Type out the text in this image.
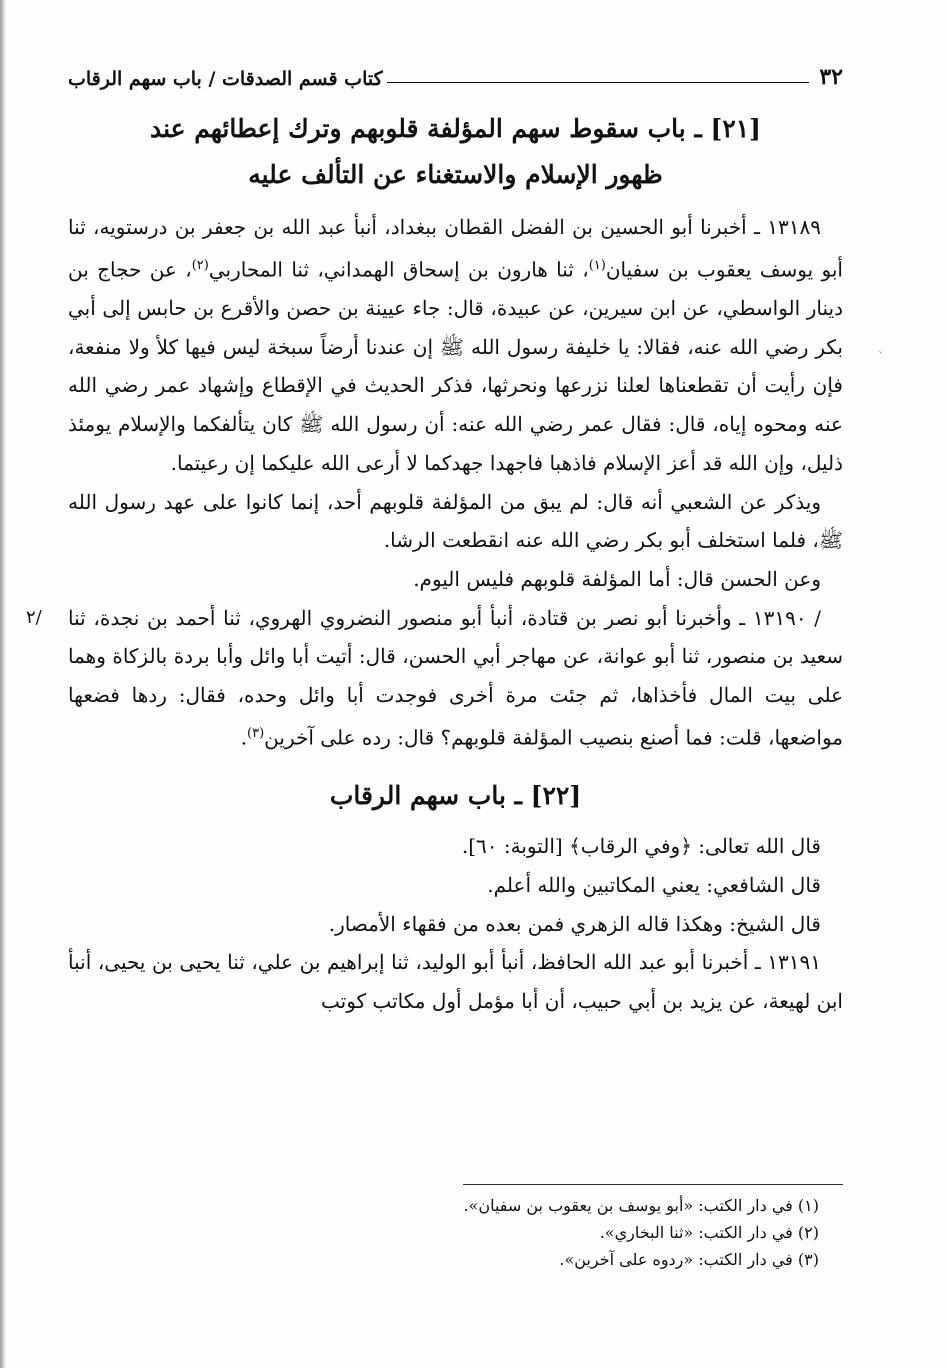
ˋ
٣٢
كتاب قسم الصدقات / باب سهم الرقاب
[٢١] ـ باب سقوط سهم المؤلفة قلوبهم وترك إعطائهم عند
ظهور الإسلام والاستغناء عن التألف عليه

١٣١٨٩ ـ أخبرنا أبو الحسين بن الفضل القطان ببغداد، أنبأ عبد الله بن جعفر بن درستويه، ثنا أبو يوسف يعقوب بن سفيان$^{(١)}$، ثنا هارون بن إسحاق الهمداني، ثنا المحاربي$^{(٢)}$، عن حجاج بن دينار الواسطي، عن ابن سيرين، عن عبيدة، قال: جاء عيينة بن حصن والأقرع بن حابس إلى أبي بكر رضي الله عنه، فقالا: يا خليفة رسول الله ﷺ إن عندنا أرضاً سبخة ليس فيها كلأ ولا منفعة، فإن رأيت أن تقطعناها لعلنا نزرعها ونحرثها، فذكر الحديث في الإقطاع وإشهاد عمر رضي الله عنه ومحوه إياه، قال: فقال عمر رضي الله عنه: أن رسول الله ﷺ كان يتألفكما والإسلام يومئذ ذليل، وإن الله قد أعز الإسلام فاذهبا فاجهدا جهدكما لا أرعى الله عليكما إن رعيتما.

ويذكر عن الشعبي أنه قال: لم يبق من المؤلفة قلوبهم أحد، إنما كانوا على عهد رسول الله ﷺ، فلما استخلف أبو بكر رضي الله عنه انقطعت الرشا.

وعن الحسن قال: أما المؤلفة قلوبهم فليس اليوم.

٢/ / ١٣١٩٠ ـ وأخبرنا أبو نصر بن قتادة، أنبأ أبو منصور النضروي الهروي، ثنا أحمد بن نجدة، ثنا سعيد بن منصور، ثنا أبو عوانة، عن مهاجر أبي الحسن، قال: أتيت أبا وائل وأبا بردة بالزكاة وهما على بيت المال فأخذاها، ثم جئت مرة أخرى فوجدت أبا وائل وحده، فقال: ردها فضعها مواضعها، قلت: فما أصنع بنصيب المؤلفة قلوبهم؟ قال: رده على آخرين$^{(٣)}$.

[٢٢] ـ باب سهم الرقاب

قال الله تعالى: ﴿وفي الرقاب﴾ [التوبة: ٦٠].

قال الشافعي: يعني المكاتبين والله أعلم.

قال الشيخ: وهكذا قاله الزهري فمن بعده من فقهاء الأمصار.

١٣١٩١ ـ أخبرنا أبو عبد الله الحافظ، أنبأ أبو الوليد، ثنا إبراهيم بن علي، ثنا يحيى بن يحيى، أنبأ ابن لهيعة، عن يزيد بن أبي حبيب، أن أبا مؤمل أول مكاتب كوتب

(١) في دار الكتب: «أبو يوسف بن يعقوب بن سفيان».
(٢) في دار الكتب: «ثنا البخاري».
(٣) في دار الكتب: «ردوه على آخرين».
